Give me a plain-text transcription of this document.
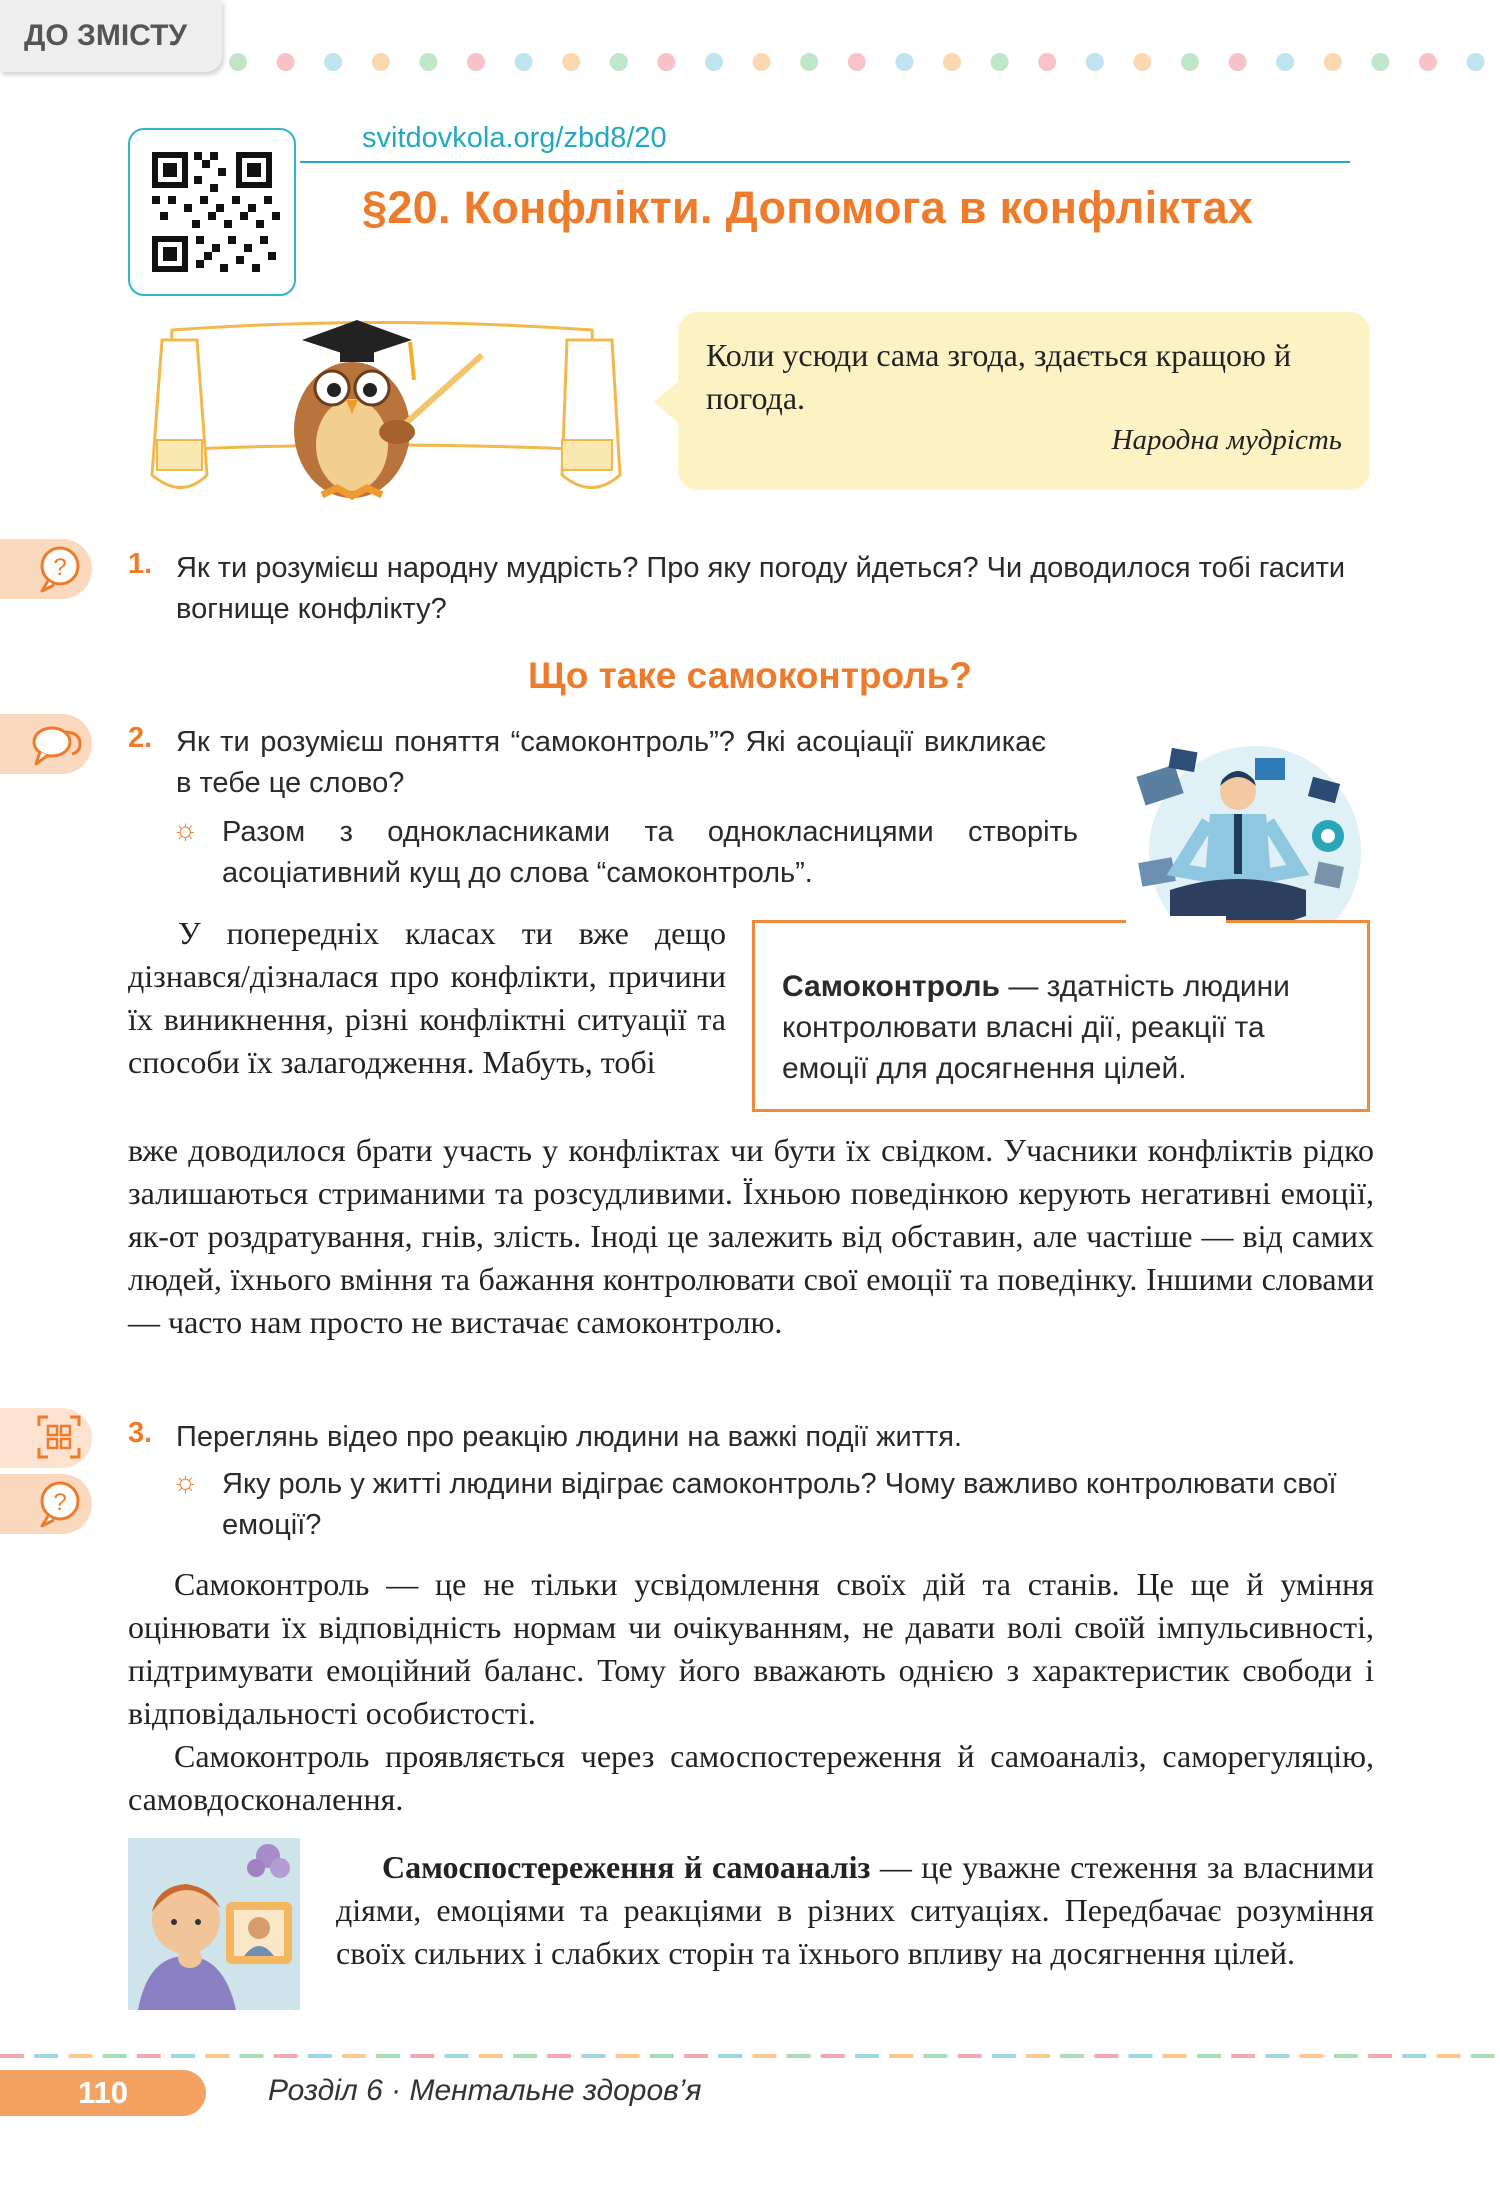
ДО ЗМІСТУ
svitdovkola.org/zbd8/20
§20. Конфлікти. Допомога в конфліктах
Коли усюди сама згода, здається кращою й погода.
Народна мудрість
? 1. Як ти розумієш народну мудрість? Про яку погоду йдеться? Чи доводилося тобі гасити вогнище конфлікту?
Що таке самоконтроль?
2. Як ти розумієш поняття “самоконтроль”? Які асоціації викликає в тебе це слово?
☼ Разом з однокласниками та однокласницями створіть асоціативний кущ до слова “самоконтроль”.
У попередніх класах ти вже дещо дізнався/дізналася про конфлікти, причини їх виникнення, різні конфліктні ситуації та способи їх залагодження. Мабуть, тобі
Самоконтроль — здатність людини контролювати власні дії, реакції та емоції для досягнення цілей.
вже доводилося брати участь у конфліктах чи бути їх свідком. Учасники конфліктів рідко залишаються стриманими та розсудливими. Їхньою поведінкою керують негативні емоції, як-от роздратування, гнів, злість. Іноді це залежить від обставин, але частіше — від самих людей, їхнього вміння та бажання контролювати свої емоції та поведінку. Іншими словами — часто нам просто не вистачає самоконтролю.
?
3. Переглянь відео про реакцію людини на важкі події життя.
☼ Яку роль у житті людини відіграє самоконтроль? Чому важливо контролювати свої емоції?
Самоконтроль — це не тільки усвідомлення своїх дій та станів. Це ще й уміння оцінювати їх відповідність нормам чи очікуванням, не давати волі своїй імпульсивності, підтримувати емоційний баланс. Тому його вважають однією з характеристик свободи і відповідальності особистості.
Самоконтроль проявляється через самоспостереження й самоаналіз, саморегуляцію, самовдосконалення.
Самоспостереження й самоаналіз — це уважне стеження за власними діями, емоціями та реакціями в різних ситуаціях. Передбачає розуміння своїх сильних і слабких сторін та їхнього впливу на досягнення цілей.
110	Розділ 6 · Ментальне здоров’я
